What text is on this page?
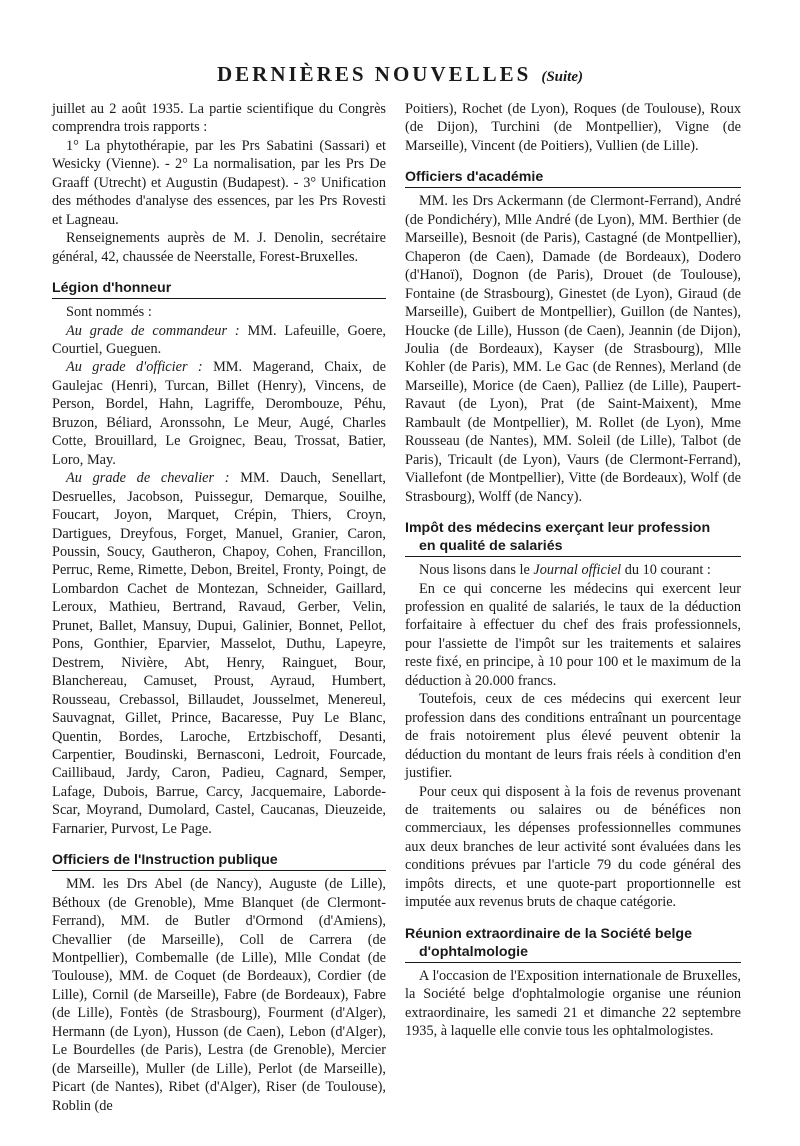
DERNIÈRES NOUVELLES (Suite)

juillet au 2 août 1935. La partie scientifique du Congrès comprendra trois rapports :

1° La phytothérapie, par les Prs Sabatini (Sassari) et Wesicky (Vienne). - 2° La normalisation, par les Prs De Graaff (Utrecht) et Augustin (Budapest). - 3° Unification des méthodes d'analyse des essences, par les Prs Rovesti et Lagneau.

Renseignements auprès de M. J. Denolin, secrétaire général, 42, chaussée de Neerstalle, Forest-Bruxelles.

Légion d'honneur

Sont nommés :

Au grade de commandeur : MM. Lafeuille, Goere, Courtiel, Gueguen.

Au grade d'officier : MM. Magerand, Chaix, de Gaulejac (Henri), Turcan, Billet (Henry), Vincens, de Person, Bordel, Hahn, Lagriffe, Derombouze, Péhu, Bruzon, Béliard, Aronssohn, Le Meur, Augé, Charles Cotte, Brouillard, Le Groignec, Beau, Trossat, Batier, Loro, May.

Au grade de chevalier : MM. Dauch, Senellart, Desruelles, Jacobson, Puissegur, Demarque, Souilhe, Foucart, Joyon, Marquet, Crépin, Thiers, Croyn, Dartigues, Dreyfous, Forget, Manuel, Granier, Caron, Poussin, Soucy, Gautheron, Chapoy, Cohen, Francillon, Perruc, Reme, Rimette, Debon, Breitel, Fronty, Poingt, de Lombardon Cachet de Montezan, Schneider, Gaillard, Leroux, Mathieu, Bertrand, Ravaud, Gerber, Velin, Prunet, Ballet, Mansuy, Dupui, Galinier, Bonnet, Pellot, Pons, Gonthier, Eparvier, Masselot, Duthu, Lapeyre, Destrem, Nivière, Abt, Henry, Rainguet, Bour, Blanchereau, Camuset, Proust, Ayraud, Humbert, Rousseau, Crebassol, Billaudet, Jousselmet, Menereul, Sauvagnat, Gillet, Prince, Bacaresse, Puy Le Blanc, Quentin, Bordes, Laroche, Ertzbischoff, Desanti, Carpentier, Boudinski, Bernasconi, Ledroit, Fourcade, Caillibaud, Jardy, Caron, Padieu, Cagnard, Semper, Lafage, Dubois, Barrue, Carcy, Jacquemaire, Laborde-Scar, Moyrand, Dumolard, Castel, Caucanas, Dieuzeide, Farnarier, Purvost, Le Page.

Officiers de l'Instruction publique

MM. les Drs Abel (de Nancy), Auguste (de Lille), Béthoux (de Grenoble), Mme Blanquet (de Clermont-Ferrand), MM. de Butler d'Ormond (d'Amiens), Chevallier (de Marseille), Coll de Carrera (de Montpellier), Combemalle (de Lille), Mlle Condat (de Toulouse), MM. de Coquet (de Bordeaux), Cordier (de Lille), Cornil (de Marseille), Fabre (de Bordeaux), Fabre (de Lille), Fontès (de Strasbourg), Fourment (d'Alger), Hermann (de Lyon), Husson (de Caen), Lebon (d'Alger), Le Bourdelles (de Paris), Lestra (de Grenoble), Mercier (de Marseille), Muller (de Lille), Perlot (de Marseille), Picart (de Nantes), Ribet (d'Alger), Riser (de Toulouse), Roblin (de

Poitiers), Rochet (de Lyon), Roques (de Toulouse), Roux (de Dijon), Turchini (de Montpellier), Vigne (de Marseille), Vincent (de Poitiers), Vullien (de Lille).

Officiers d'académie

MM. les Drs Ackermann (de Clermont-Ferrand), André (de Pondichéry), Mlle André (de Lyon), MM. Berthier (de Marseille), Besnoit (de Paris), Castagné (de Montpellier), Chaperon (de Caen), Damade (de Bordeaux), Dodero (d'Hanoï), Dognon (de Paris), Drouet (de Toulouse), Fontaine (de Strasbourg), Ginestet (de Lyon), Giraud (de Marseille), Guibert de Montpellier), Guillon (de Nantes), Houcke (de Lille), Husson (de Caen), Jeannin (de Dijon), Joulia (de Bordeaux), Kayser (de Strasbourg), Mlle Kohler (de Paris), MM. Le Gac (de Rennes), Merland (de Marseille), Morice (de Caen), Palliez (de Lille), Paupert-Ravaut (de Lyon), Prat (de Saint-Maixent), Mme Rambault (de Montpellier), M. Rollet (de Lyon), Mme Rousseau (de Nantes), MM. Soleil (de Lille), Talbot (de Paris), Tricault (de Lyon), Vaurs (de Clermont-Ferrand), Viallefont (de Montpellier), Vitte (de Bordeaux), Wolf (de Strasbourg), Wolff (de Nancy).

Impôt des médecins exerçant leur profession
en qualité de salariés

Nous lisons dans le Journal officiel du 10 courant :

En ce qui concerne les médecins qui exercent leur profession en qualité de salariés, le taux de la déduction forfaitaire à effectuer du chef des frais professionnels, pour l'assiette de l'impôt sur les traitements et salaires reste fixé, en principe, à 10 pour 100 et le maximum de la déduction à 20.000 francs.

Toutefois, ceux de ces médecins qui exercent leur profession dans des conditions entraînant un pourcentage de frais notoirement plus élevé peuvent obtenir la déduction du montant de leurs frais réels à condition d'en justifier.

Pour ceux qui disposent à la fois de revenus provenant de traitements ou salaires ou de bénéfices non commerciaux, les dépenses professionnelles communes aux deux branches de leur activité sont évaluées dans les conditions prévues par l'article 79 du code général des impôts directs, et une quote-part proportionnelle est imputée aux revenus bruts de chaque catégorie.

Réunion extraordinaire de la Société belge
d'ophtalmologie

A l'occasion de l'Exposition internationale de Bruxelles, la Société belge d'ophtalmologie organise une réunion extraordinaire, les samedi 21 et dimanche 22 septembre 1935, à laquelle elle convie tous les ophtalmologistes.
